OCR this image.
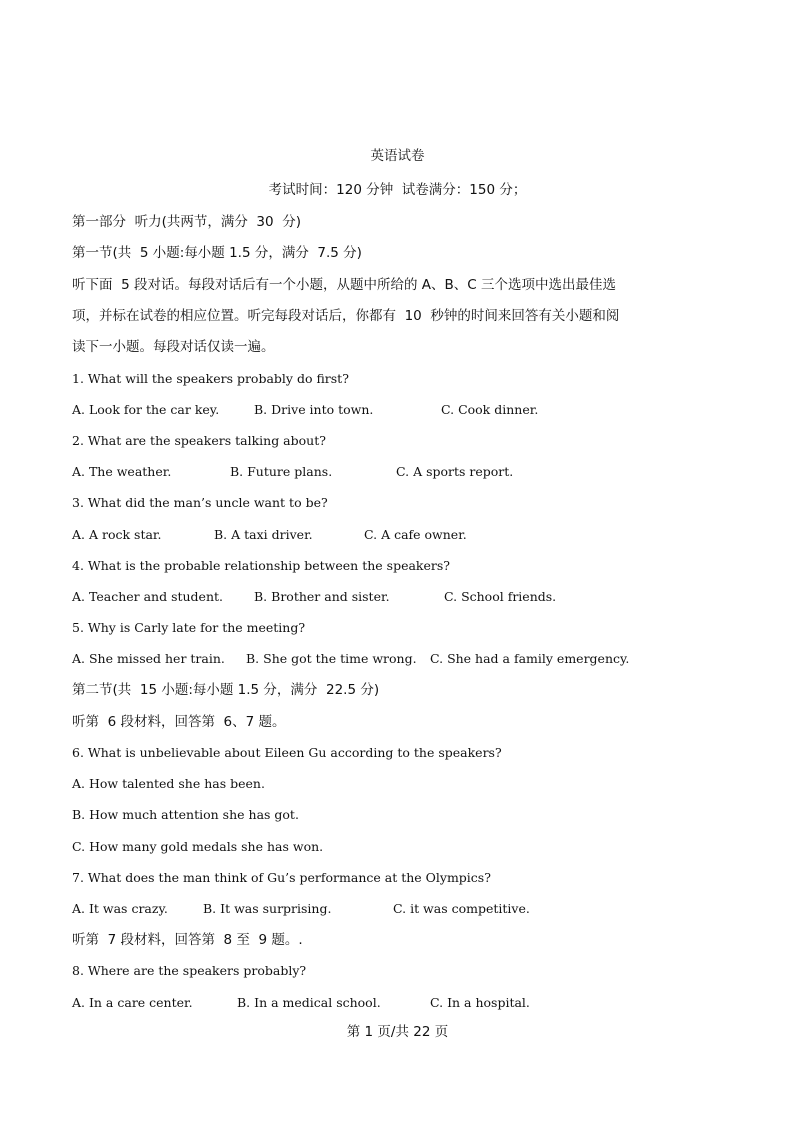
英语试卷
考试时间：120 分钟  试卷满分：150 分；
第一部分  听力(共两节，满分  30  分)
第一节(共  5 小题:每小题 1.5 分，满分  7.5 分)
听下面  5 段对话。每段对话后有一个小题，从题中所给的 A、B、C 三个选项中选出最佳选
项，并标在试卷的相应位置。听完每段对话后，你都有  10  秒钟的时间来回答有关小题和阅
读下一小题。每段对话仅读一遍。
1. What will the speakers probably do first?
A. Look for the car key.	B. Drive into town.	C. Cook dinner.
2. What are the speakers talking about?
A. The weather.	B. Future plans.	C. A sports report.
3. What did the man’s uncle want to be?
A. A rock star.	B. A taxi driver.	C. A cafe owner.
4. What is the probable relationship between the speakers?
A. Teacher and student. B. Brother and sister.	C. School friends.
5. Why is Carly late for the meeting?
A. She missed her train. B. She got the time wrong. C. She had a family emergency.
第二节(共  15 小题:每小题 1.5 分，满分  22.5 分)
听第  6 段材料，回答第  6、7 题。
6. What is unbelievable about Eileen Gu according to the speakers?
A. How talented she has been.
B. How much attention she has got.
C. How many gold medals she has won.
7. What does the man think of Gu’s performance at the Olympics?
A. It was crazy.	B. It was surprising.	C. it was competitive.
听第  7 段材料，回答第  8 至  9 题。.
8. Where are the speakers probably?
A. In a care center.	B. In a medical school.	C. In a hospital.
第 1 页/共 22 页
